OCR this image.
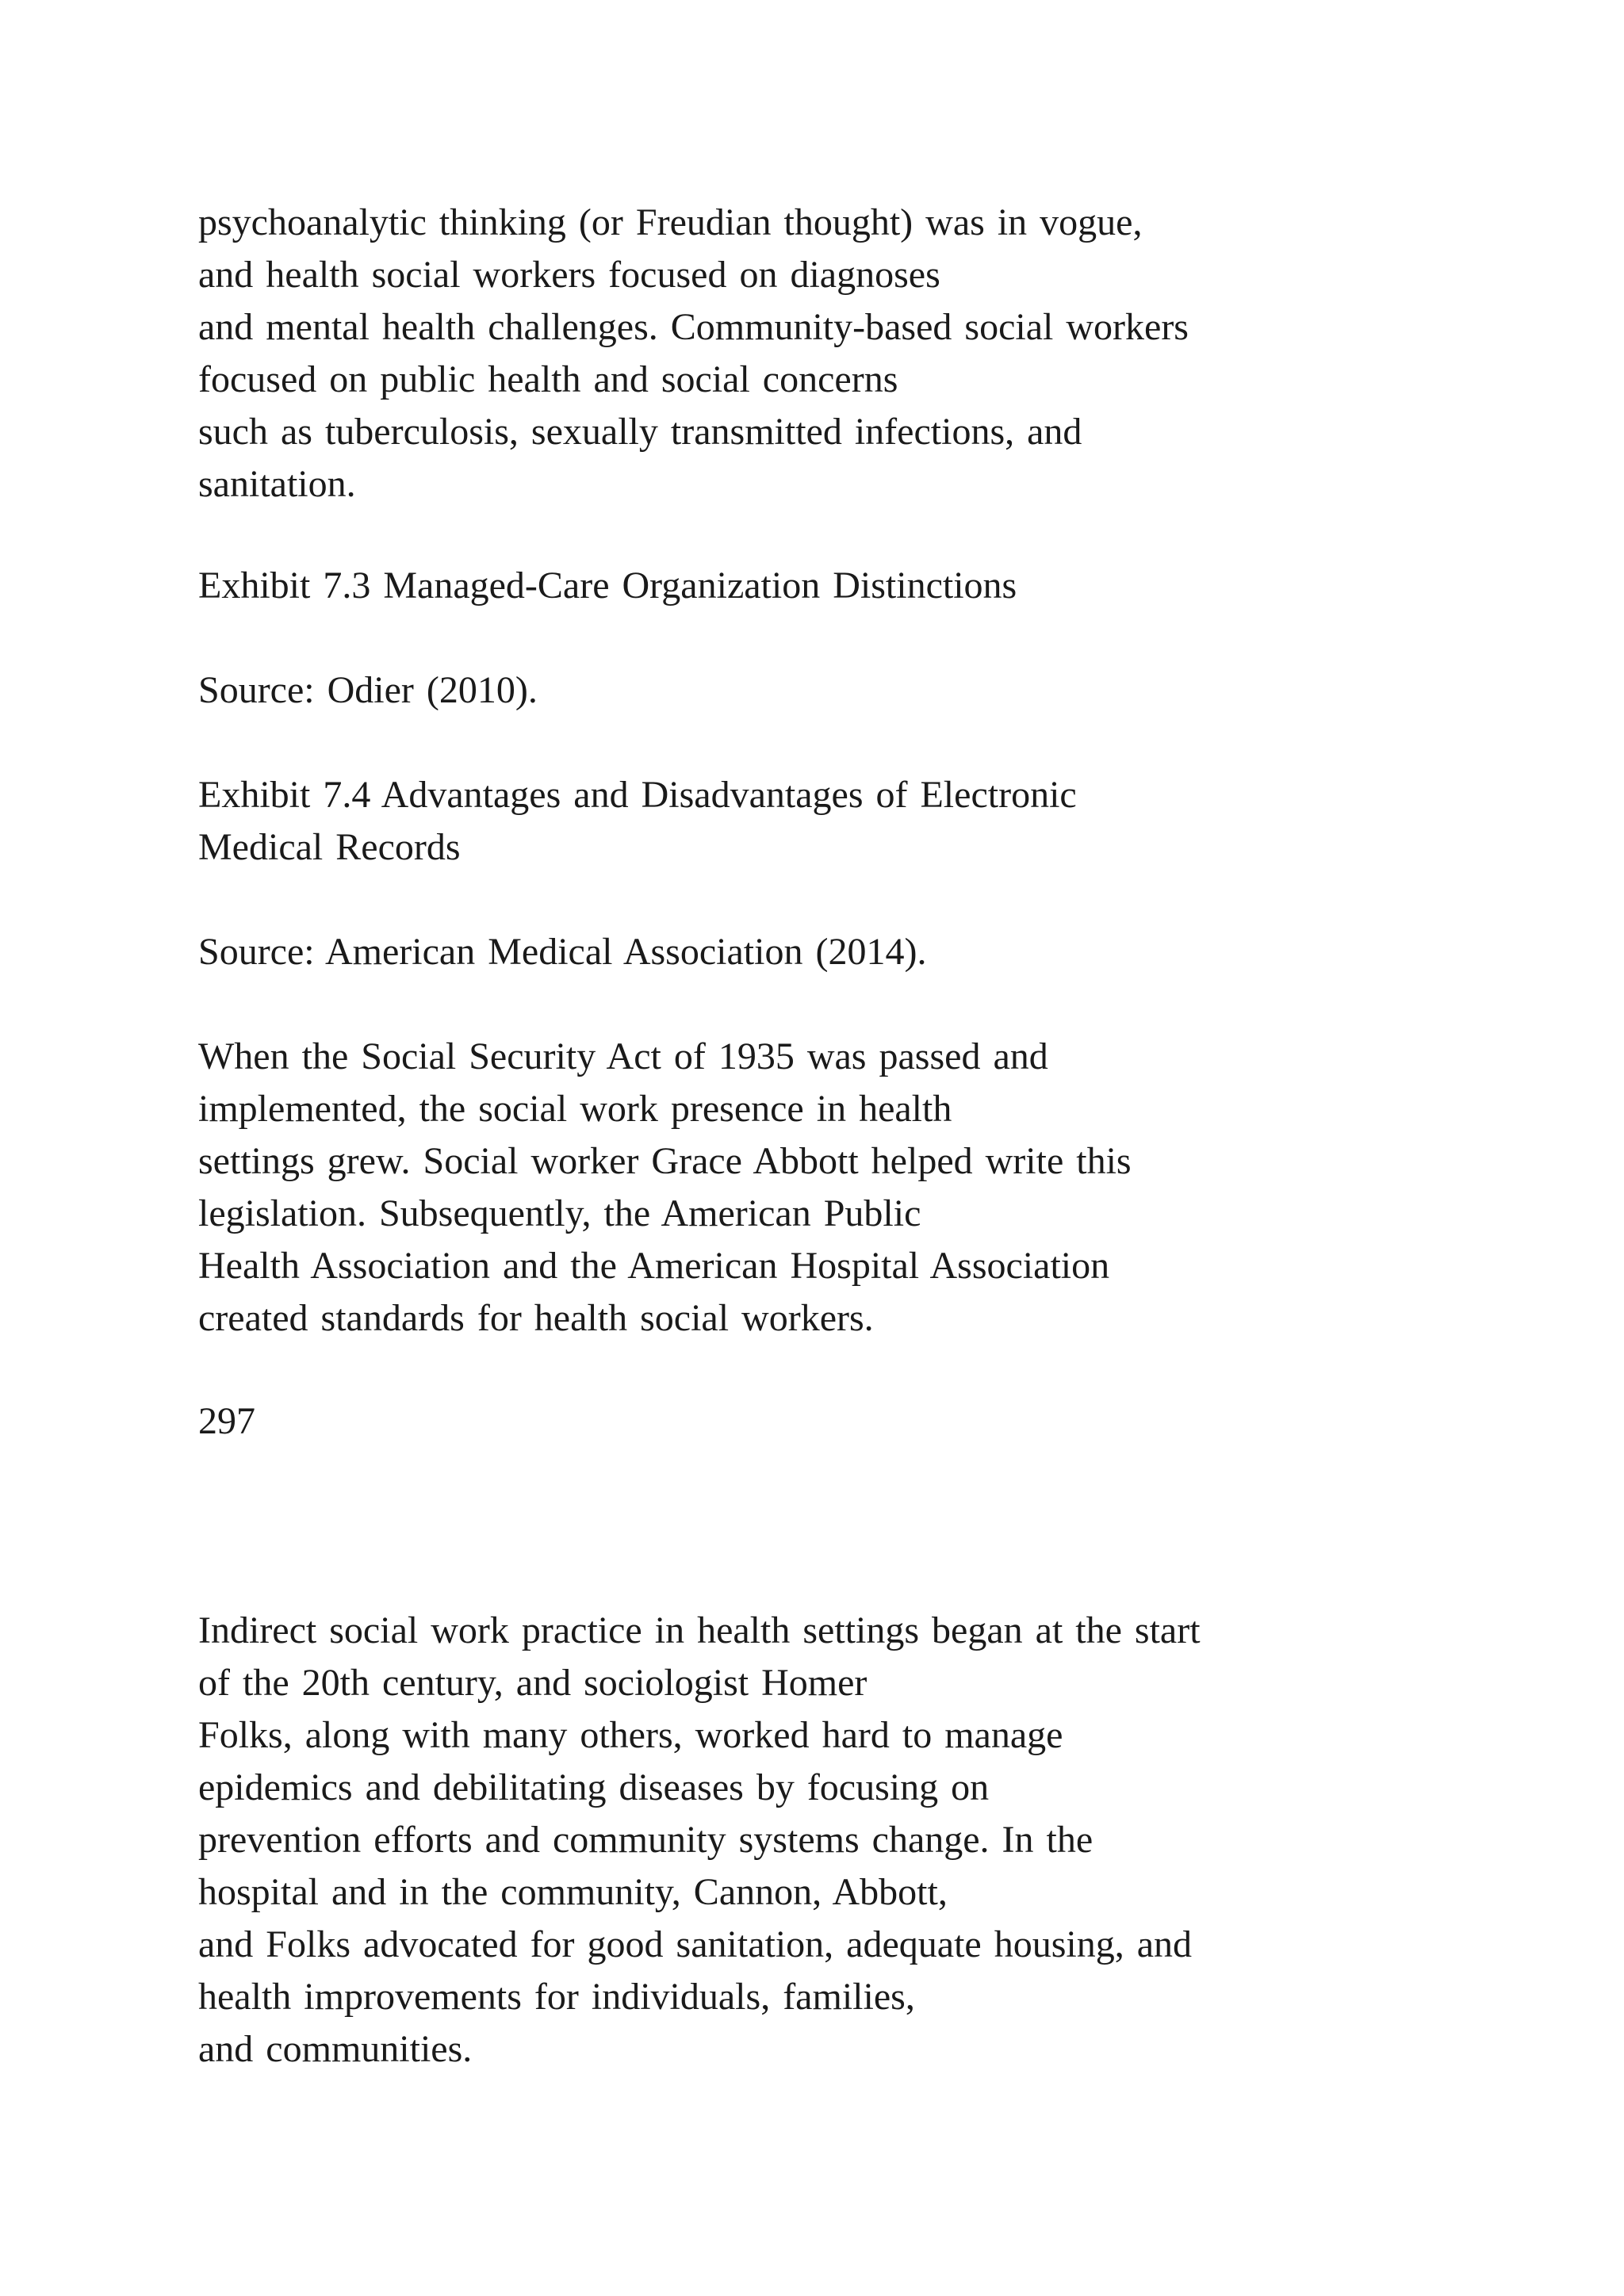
psychoanalytic thinking (or Freudian thought) was in vogue,
and health social workers focused on diagnoses
and mental health challenges. Community-based social workers
focused on public health and social concerns
such as tuberculosis, sexually transmitted infections, and
sanitation.

Exhibit 7.3 Managed-Care Organization Distinctions

Source: Odier (2010).

Exhibit 7.4 Advantages and Disadvantages of Electronic
Medical Records

Source: American Medical Association (2014).

When the Social Security Act of 1935 was passed and
implemented, the social work presence in health
settings grew. Social worker Grace Abbott helped write this
legislation. Subsequently, the American Public
Health Association and the American Hospital Association
created standards for health social workers.

297

Indirect social work practice in health settings began at the start
of the 20th century, and sociologist Homer
Folks, along with many others, worked hard to manage
epidemics and debilitating diseases by focusing on
prevention efforts and community systems change. In the
hospital and in the community, Cannon, Abbott,
and Folks advocated for good sanitation, adequate housing, and
health improvements for individuals, families,
and communities.
